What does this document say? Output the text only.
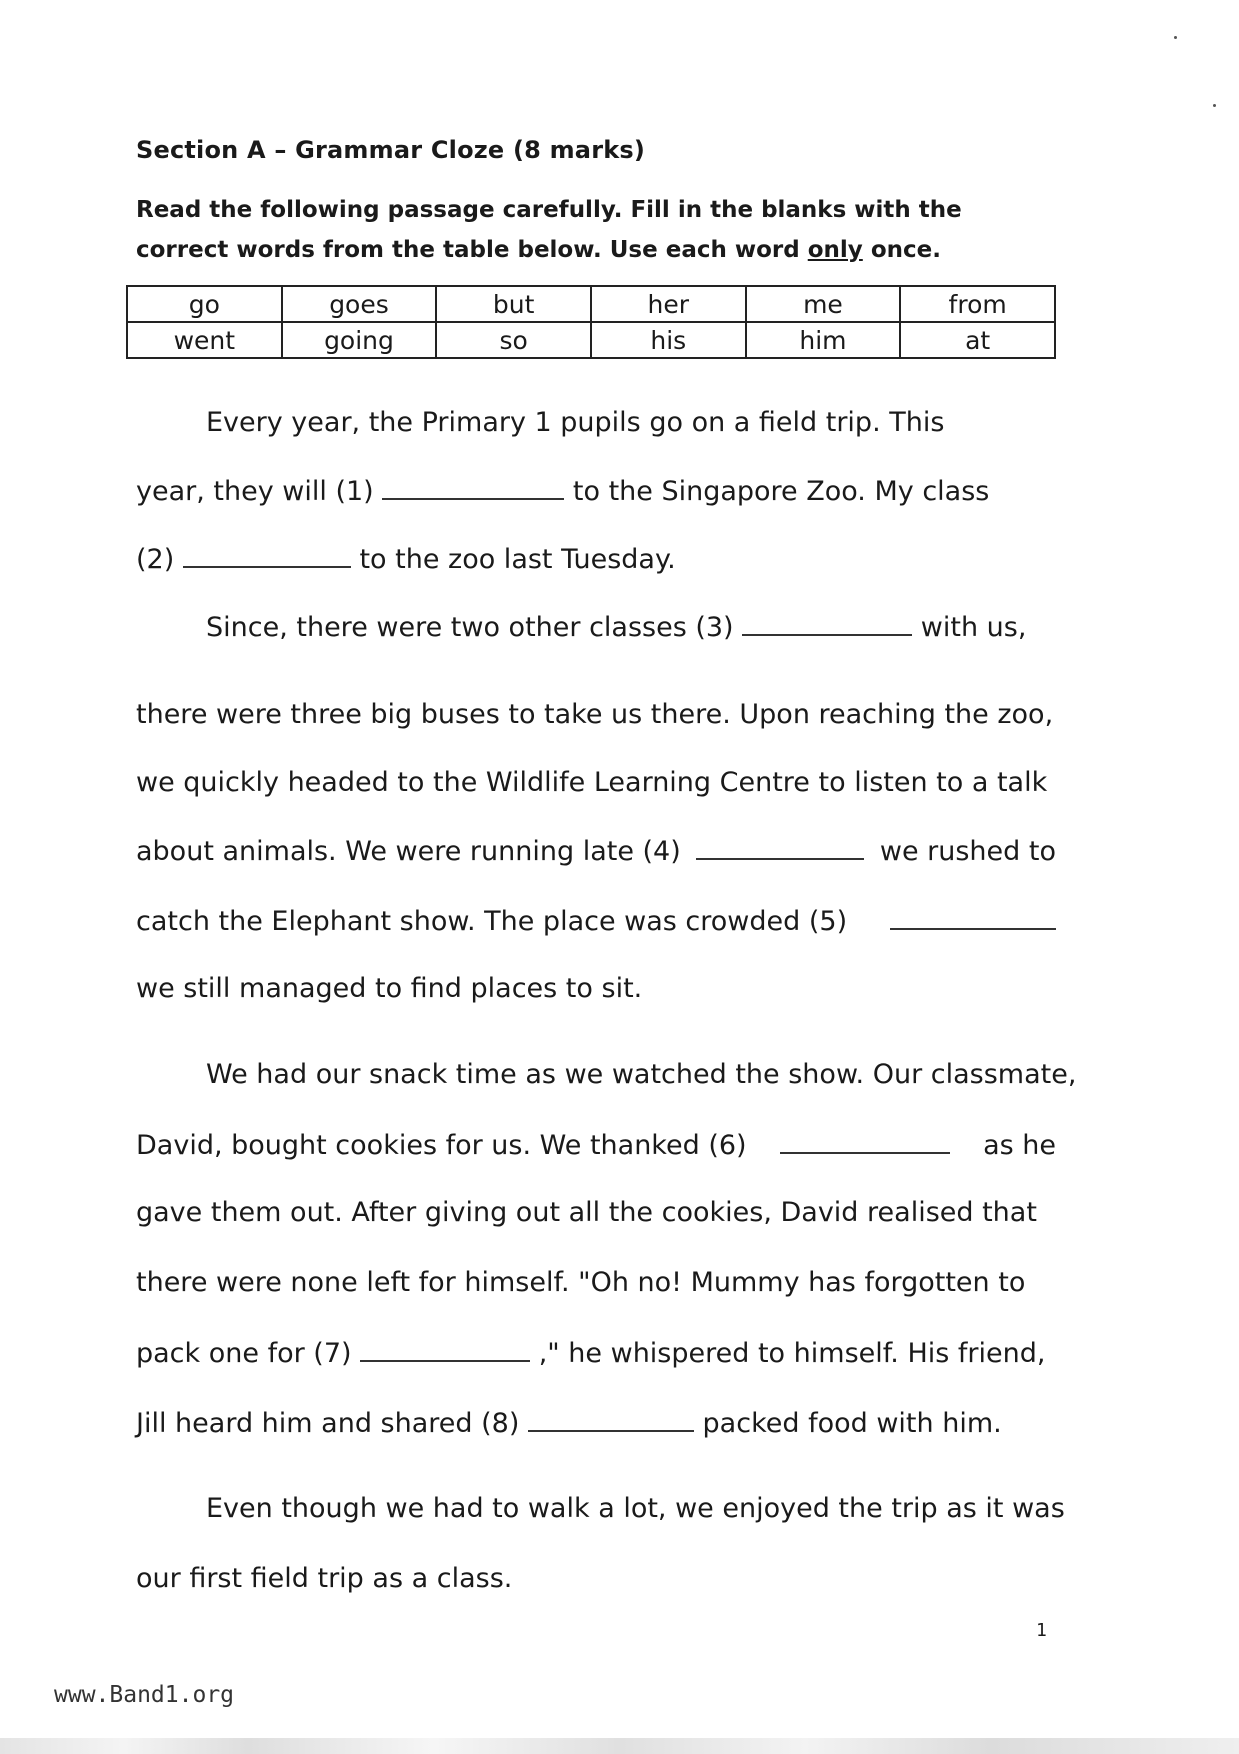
Section A – Grammar Cloze (8 marks)
Read the following passage carefully. Fill in the blanks with the
correct words from the table below. Use each word only once.
go	goes	but	her	me	from
went	going	so	his	him	at
Every year, the Primary 1 pupils go on a field trip. This
year, they will (1)	to the Singapore Zoo. My class
(2)	to the zoo last Tuesday.
Since, there were two other classes (3)	with us,
there were three big buses to take us there. Upon reaching the zoo,
we quickly headed to the Wildlife Learning Centre to listen to a talk
about animals. We were running late (4)	we rushed to
catch the Elephant show. The place was crowded (5)
we still managed to find places to sit.
We had our snack time as we watched the show. Our classmate,
David, bought cookies for us. We thanked (6)	as he
gave them out. After giving out all the cookies, David realised that
there were none left for himself. "Oh no! Mummy has forgotten to
pack one for (7)	," he whispered to himself. His friend,
Jill heard him and shared (8)	packed food with him.
Even though we had to walk a lot, we enjoyed the trip as it was
our first field trip as a class.
1
www.Band1.org
